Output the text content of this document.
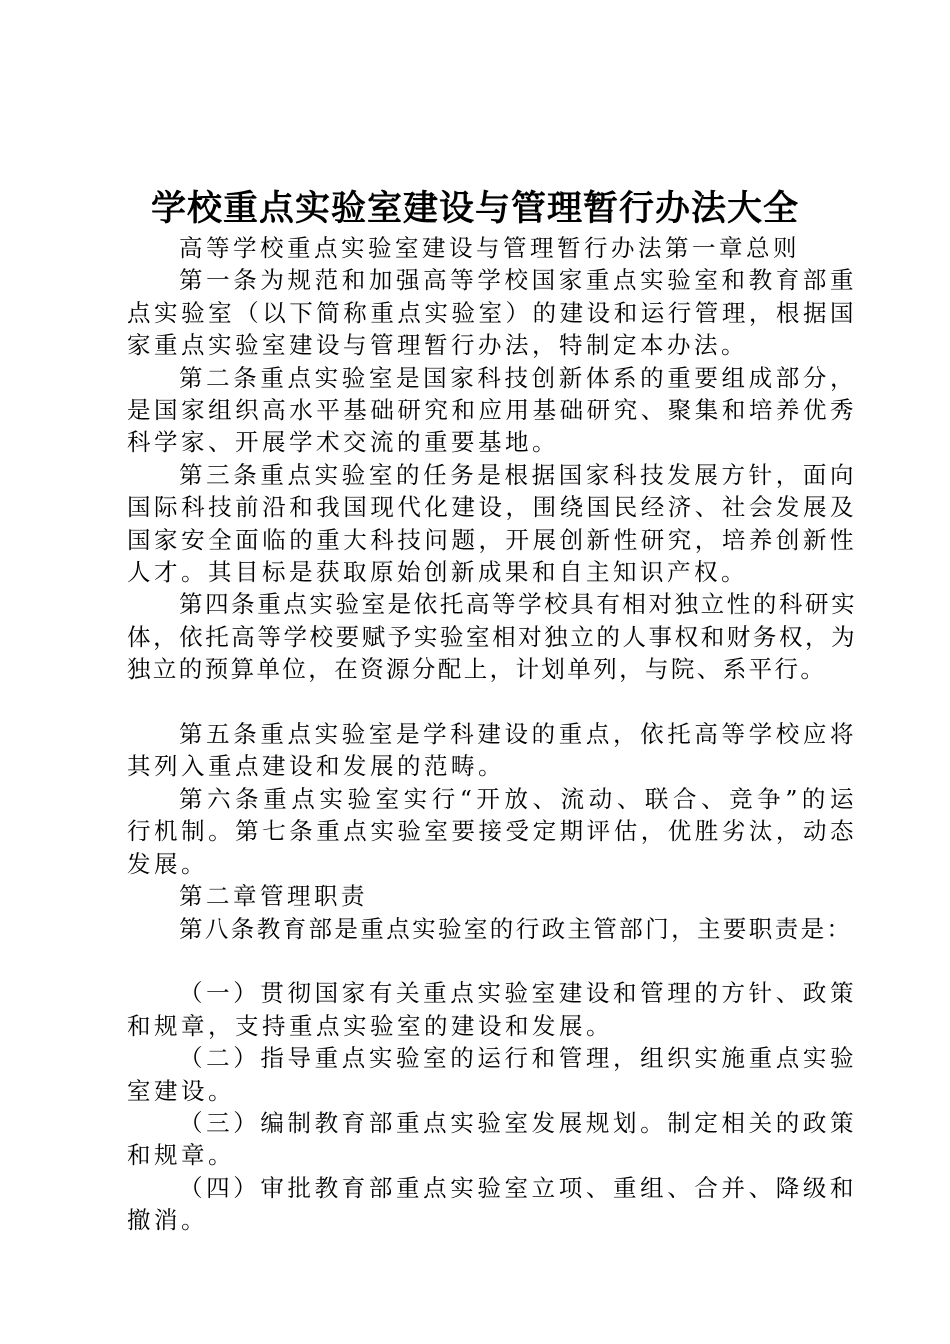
学校重点实验室建设与管理暂行办法大全

高等学校重点实验室建设与管理暂行办法第一章总则

第一条为规范和加强高等学校国家重点实验室和教育部重点实验室（以下简称重点实验室）的建设和运行管理，根据国家重点实验室建设与管理暂行办法，特制定本办法。

第二条重点实验室是国家科技创新体系的重要组成部分，是国家组织高水平基础研究和应用基础研究、聚集和培养优秀科学家、开展学术交流的重要基地。

第三条重点实验室的任务是根据国家科技发展方针，面向国际科技前沿和我国现代化建设，围绕国民经济、社会发展及国家安全面临的重大科技问题，开展创新性研究，培养创新性人才。其目标是获取原始创新成果和自主知识产权。

第四条重点实验室是依托高等学校具有相对独立性的科研实体，依托高等学校要赋予实验室相对独立的人事权和财务权，为独立的预算单位，在资源分配上，计划单列，与院、系平行。

第五条重点实验室是学科建设的重点，依托高等学校应将其列入重点建设和发展的范畴。

第六条重点实验室实行“开放、流动、联合、竞争”的运行机制。第七条重点实验室要接受定期评估，优胜劣汰，动态发展。

第二章管理职责

第八条教育部是重点实验室的行政主管部门，主要职责是：

（一）贯彻国家有关重点实验室建设和管理的方针、政策和规章，支持重点实验室的建设和发展。

（二）指导重点实验室的运行和管理，组织实施重点实验室建设。

（三）编制教育部重点实验室发展规划。制定相关的政策和规章。

（四）审批教育部重点实验室立项、重组、合并、降级和撤消。
